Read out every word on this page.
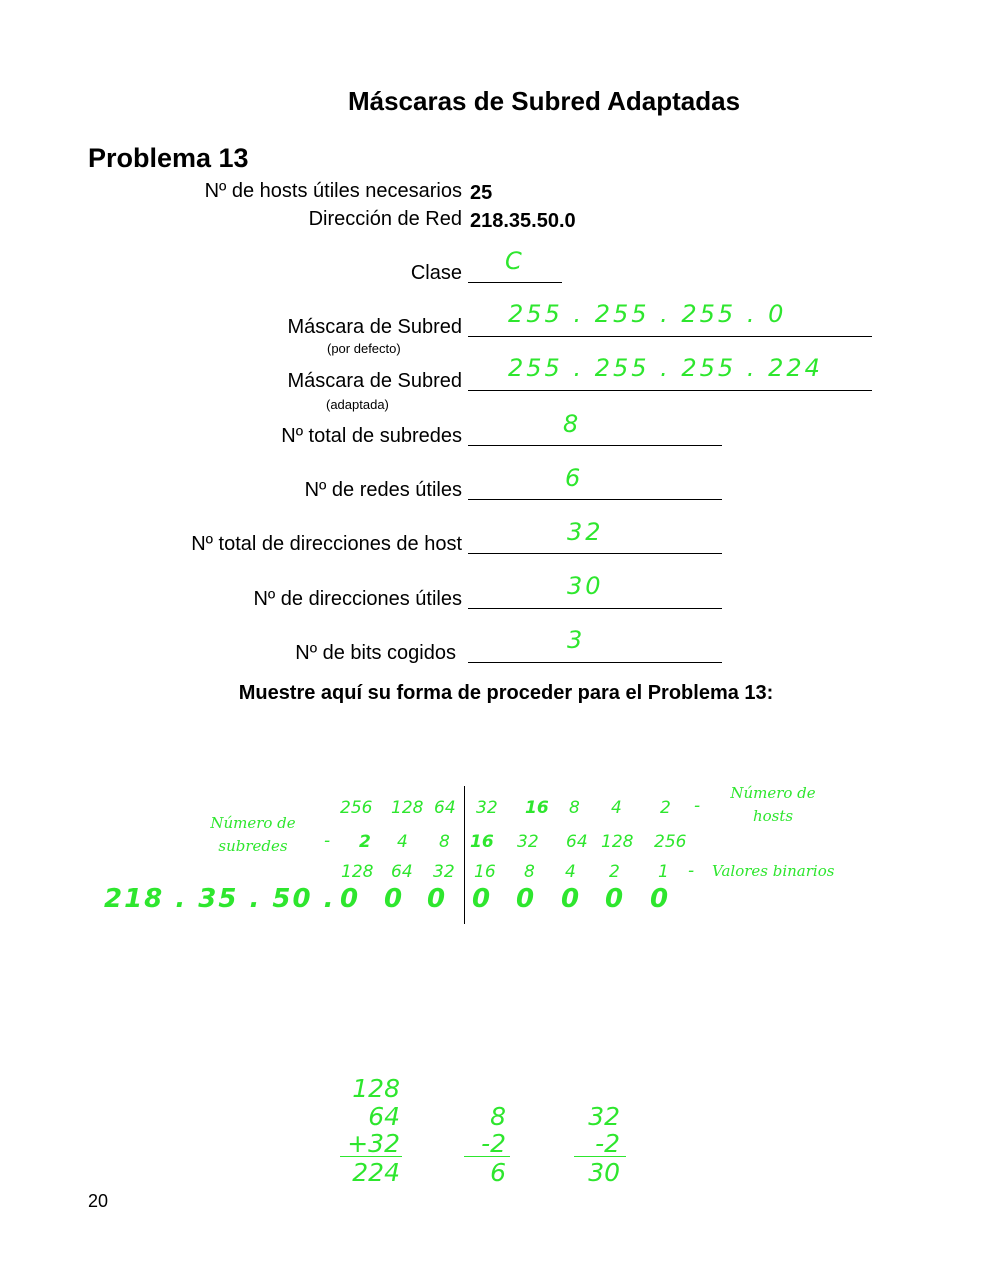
Máscaras de Subred Adaptadas
Problema 13
Nº de hosts útiles necesarios 25
Dirección de Red 218.35.50.0
Clase C
Máscara de Subred 255 . 255 . 255 . 0
(por defecto)
Máscara de Subred 255 . 255 . 255 . 224
(adaptada)
Nº total de subredes	8
Nº de redes útiles	6
Nº total de direcciones de host	32
Nº de direcciones útiles	30
Nº de bits cogidos	3
Muestre aquí su forma de proceder para el Problema 13:
Número de subredes
Número de hosts
256 128 64 32 16 8 4 2 -
- 2 4 8 16 32 64 128 256
128 64 32 16 8 4 2 1 - Valores binarios
218 . 35 . 50 . 0 0 0 0 0 0 0 0
128
64
+32
224
8
-2
6
32
-2
30
20
